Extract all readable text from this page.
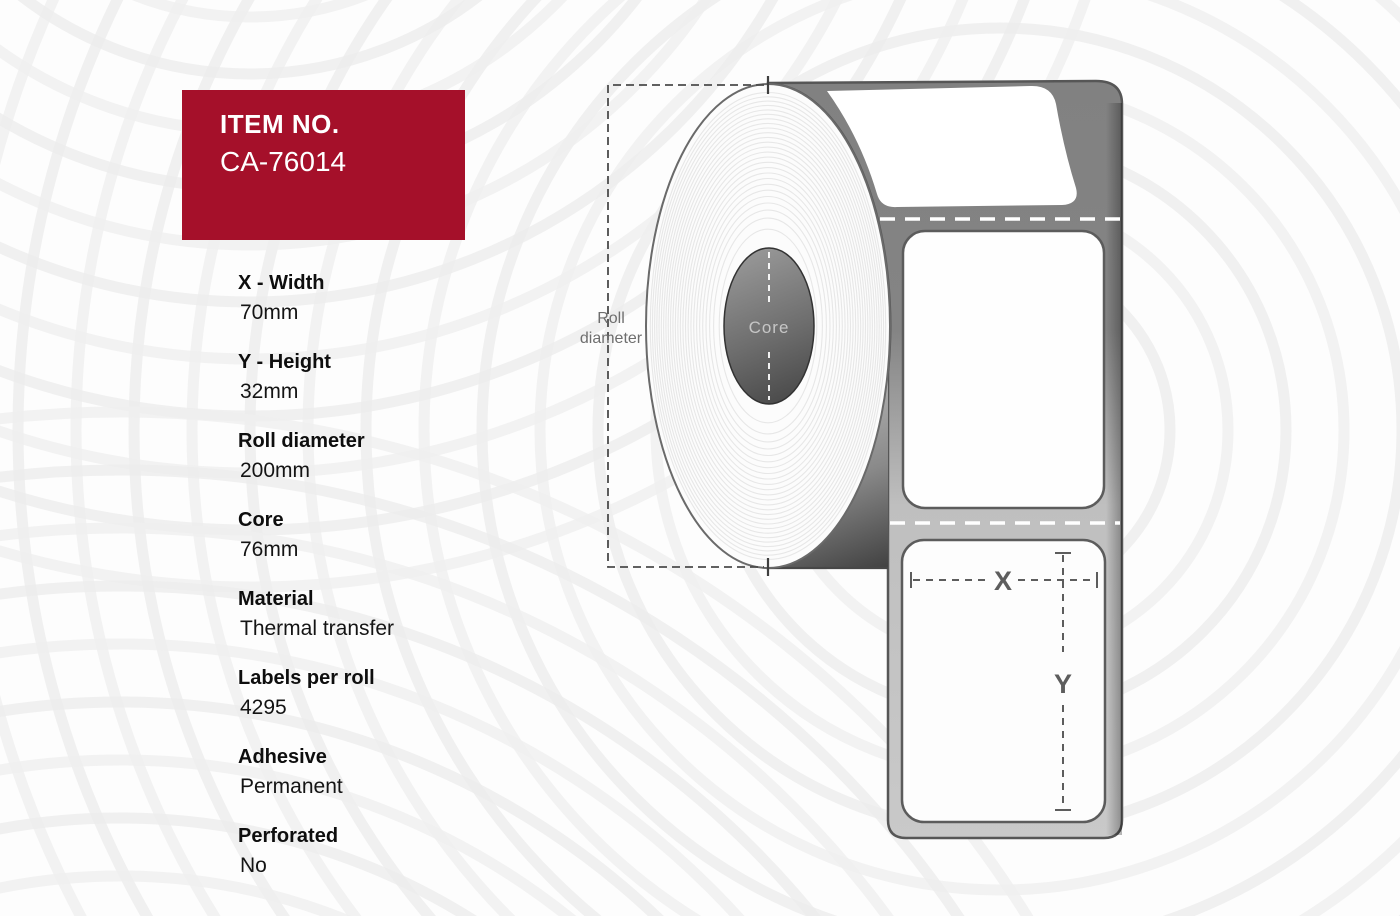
Core
X
Y
Roll
diameter
ITEM NO.
CA-76014
X - Width
70mm
Y - Height
32mm
Roll diameter
200mm
Core
76mm
Material
Thermal transfer
Labels per roll
4295
Adhesive
Permanent
Perforated
No
